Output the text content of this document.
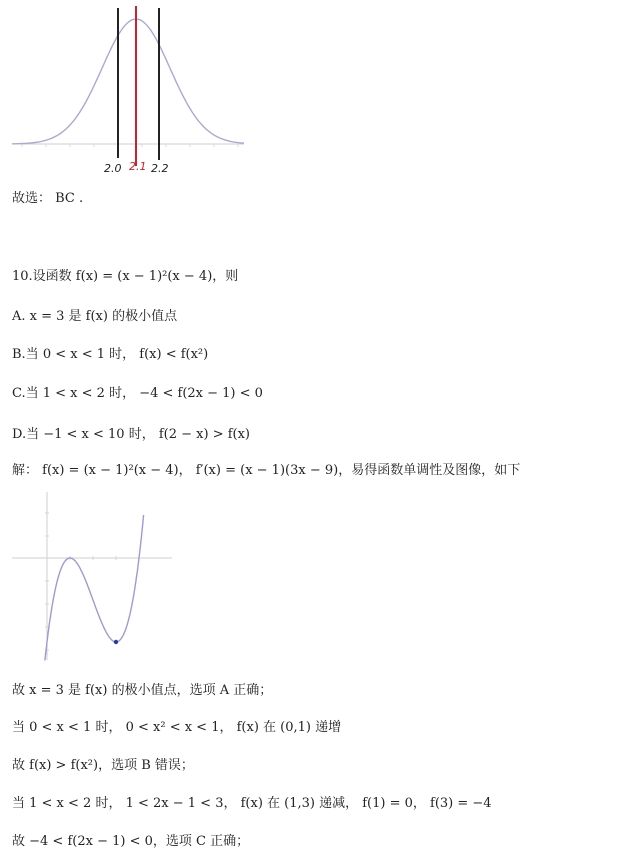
2.0 2.1 2.2
故选： BC .
10.设函数 f(x) = (x − 1)²(x − 4)，则
A. x = 3 是 f(x) 的极小值点
B.当 0 < x < 1 时， f(x) < f(x²)
C.当 1 < x < 2 时， −4 < f(2x − 1) < 0
D.当 −1 < x < 10 时， f(2 − x) > f(x)
解： f(x) = (x − 1)²(x − 4)， f′(x) = (x − 1)(3x − 9)，易得函数单调性及图像，如下
故 x = 3 是 f(x) 的极小值点，选项 A 正确；
当 0 < x < 1 时， 0 < x² < x < 1， f(x) 在 (0,1) 递增
故 f(x) > f(x²)，选项 B 错误；
当 1 < x < 2 时， 1 < 2x − 1 < 3， f(x) 在 (1,3) 递减， f(1) = 0， f(3) = −4
故 −4 < f(2x − 1) < 0，选项 C 正确；
